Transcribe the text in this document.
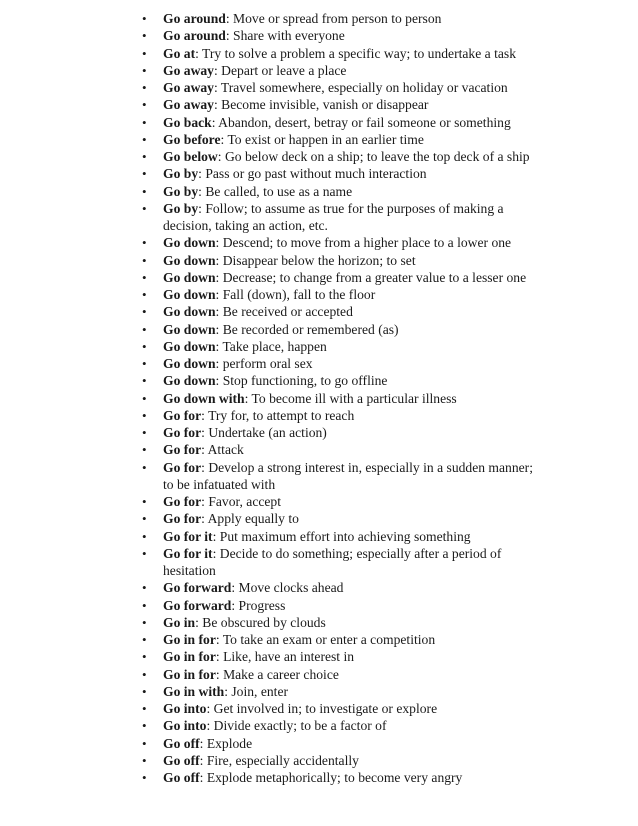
• Go around: Move or spread from person to person
• Go around: Share with everyone
• Go at: Try to solve a problem a specific way; to undertake a task
• Go away: Depart or leave a place
• Go away: Travel somewhere, especially on holiday or vacation
• Go away: Become invisible, vanish or disappear
• Go back: Abandon, desert, betray or fail someone or something
• Go before: To exist or happen in an earlier time
• Go below: Go below deck on a ship; to leave the top deck of a ship
• Go by: Pass or go past without much interaction
• Go by: Be called, to use as a name
• Go by: Follow; to assume as true for the purposes of making a decision, taking an action, etc.
• Go down: Descend; to move from a higher place to a lower one
• Go down: Disappear below the horizon; to set
• Go down: Decrease; to change from a greater value to a lesser one
• Go down: Fall (down), fall to the floor
• Go down: Be received or accepted
• Go down: Be recorded or remembered (as)
• Go down: Take place, happen
• Go down: perform oral sex
• Go down: Stop functioning, to go offline
• Go down with: To become ill with a particular illness
• Go for: Try for, to attempt to reach
• Go for: Undertake (an action)
• Go for: Attack
• Go for: Develop a strong interest in, especially in a sudden manner; to be infatuated with
• Go for: Favor, accept
• Go for: Apply equally to
• Go for it: Put maximum effort into achieving something
• Go for it: Decide to do something; especially after a period of hesitation
• Go forward: Move clocks ahead
• Go forward: Progress
• Go in: Be obscured by clouds
• Go in for: To take an exam or enter a competition
• Go in for: Like, have an interest in
• Go in for: Make a career choice
• Go in with: Join, enter
• Go into: Get involved in; to investigate or explore
• Go into: Divide exactly; to be a factor of
• Go off: Explode
• Go off: Fire, especially accidentally
• Go off: Explode metaphorically; to become very angry
